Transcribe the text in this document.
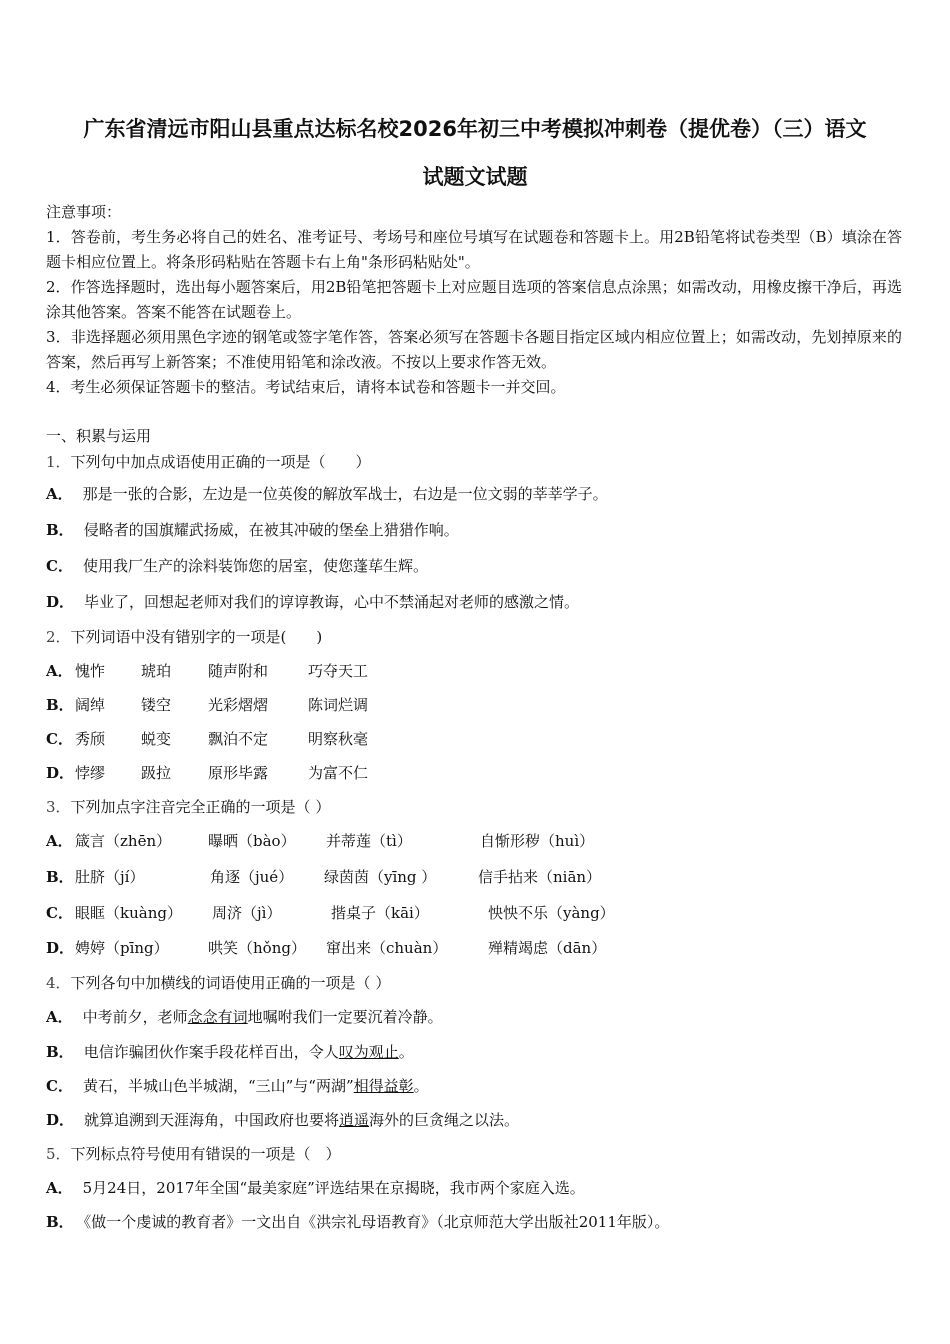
广东省清远市阳山县重点达标名校2026年初三中考模拟冲刺卷（提优卷）（三）语文
试题文试题

注意事项：

1．答卷前，考生务必将自己的姓名、准考证号、考场号和座位号填写在试题卷和答题卡上。用2B铅笔将试卷类型（B）填涂在答题卡相应位置上。将条形码粘贴在答题卡右上角"条形码粘贴处"。

2．作答选择题时，选出每小题答案后，用2B铅笔把答题卡上对应题目选项的答案信息点涂黑；如需改动，用橡皮擦干净后，再选涂其他答案。答案不能答在试题卷上。

3．非选择题必须用黑色字迹的钢笔或签字笔作答，答案必须写在答题卡各题目指定区域内相应位置上；如需改动，先划掉原来的答案，然后再写上新答案；不准使用铅笔和涂改液。不按以上要求作答无效。

4．考生必须保证答题卡的整洁。考试结束后，请将本试卷和答题卡一并交回。

一、积累与运用
1．下列句中加点成语使用正确的一项是（　　）
A． 那是一张的合影，左边是一位英俊的解放军战士，右边是一位文弱的莘莘学子。
B． 侵略者的国旗耀武扬威，在被其冲破的堡垒上猎猎作响。
C． 使用我厂生产的涂料装饰您的居室，使您蓬荜生辉。
D． 毕业了，回想起老师对我们的谆谆教诲，心中不禁涌起对老师的感激之情。
2．下列词语中没有错别字的一项是(　　)
A． 愧怍 琥珀 随声附和	巧夺天工
B． 阔绰 镂空 光彩熠熠	陈词烂调
C． 秀颀 蜕变 飘泊不定	明察秋毫
D． 悖缪 趿拉 原形毕露	为富不仁
3．下列加点字注音完全正确的一项是（ ）
A． 箴言（zhēn） 曝晒（bào） 并蒂莲（tì）	自惭形秽（huì）
B． 肚脐（jí）	角逐（jué） 绿茵茵（yīng ）	信手拈来（niān）
C． 眼眶（kuàng） 周济（jì）	揩桌子（kāi）	怏怏不乐（yàng）
D． 娉婷（pīng）	哄笑（hǒng） 窜出来（chuàn）	殚精竭虑（dān）
4．下列各句中加横线的词语使用正确的一项是（ ）
A． 中考前夕，老师念念有词地嘱咐我们一定要沉着冷静。
B． 电信诈骗团伙作案手段花样百出，令人叹为观止。
C． 黄石，半城山色半城湖，“三山”与“两湖”相得益彰。
D． 就算追溯到天涯海角，中国政府也要将逍遥海外的巨贪绳之以法。
5．下列标点符号使用有错误的一项是（　）
A． 5月24日，2017年全国“最美家庭”评选结果在京揭晓，我市两个家庭入选。
B． 《做一个虔诚的教育者》一文出自《洪宗礼母语教育》（北京师范大学出版社2011年版）。
